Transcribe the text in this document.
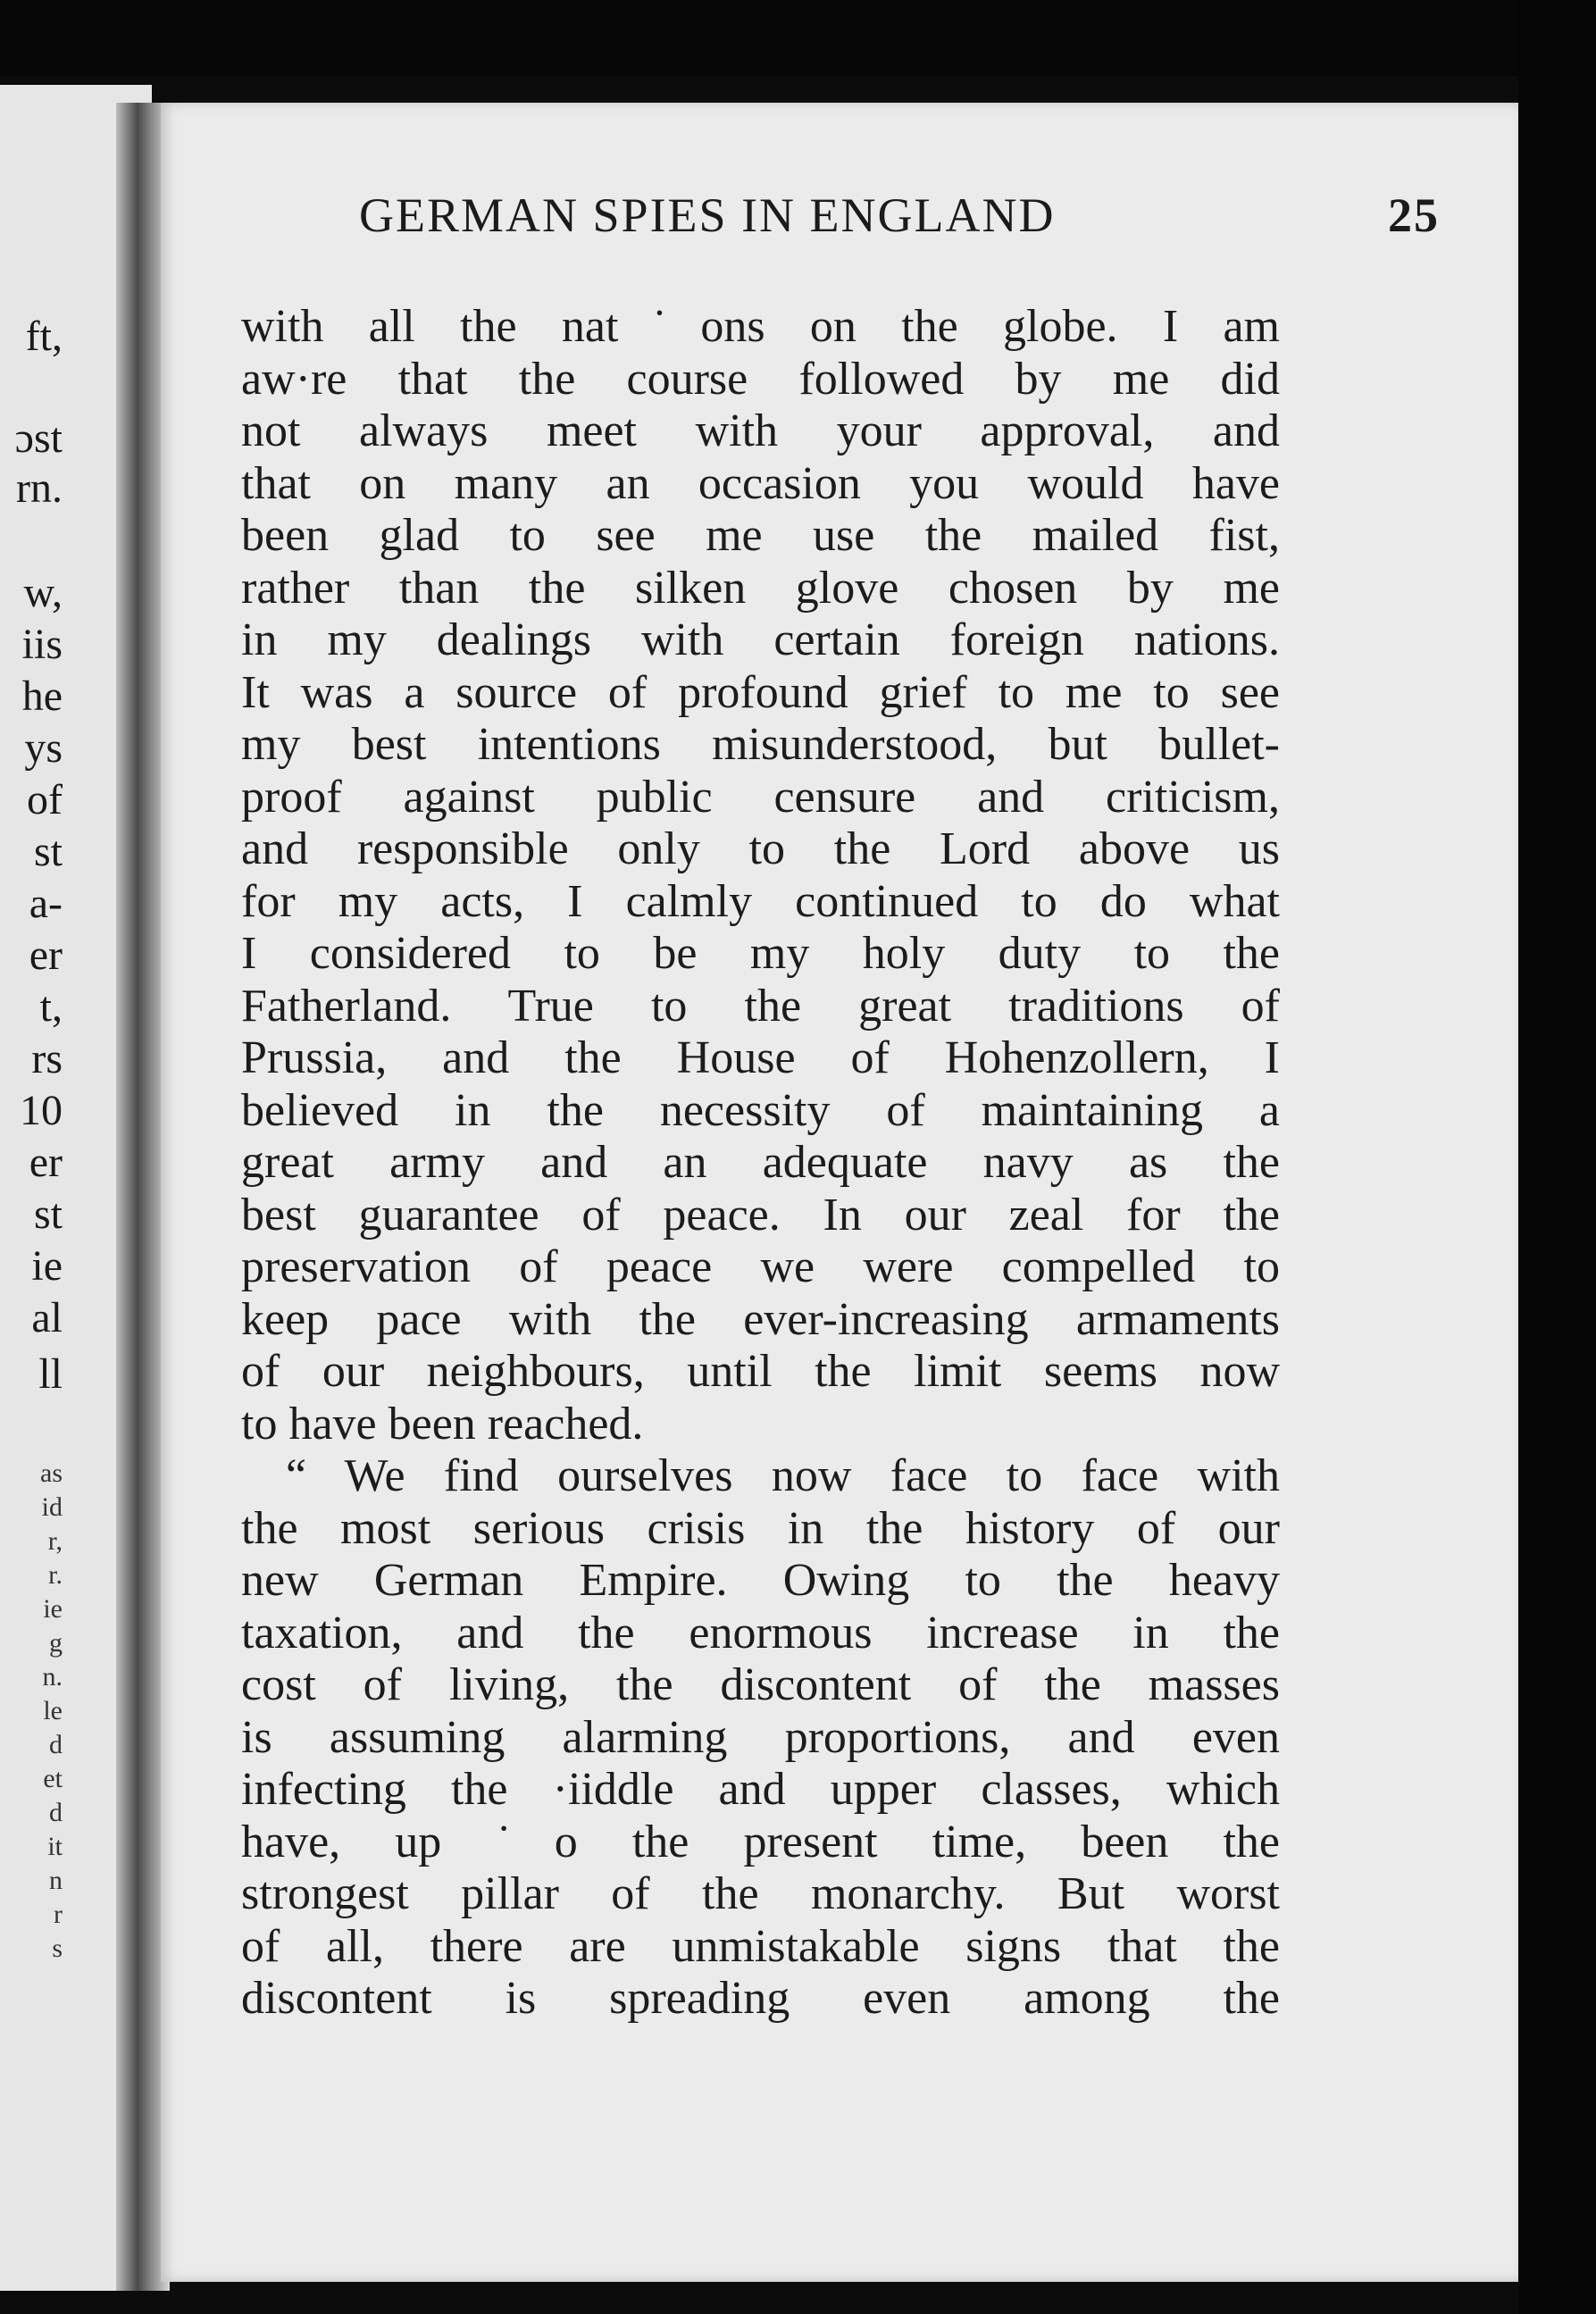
ft,
ɔst
rn.
w,
iis
he
ys
of
st
a-
er
t,
rs
10
er
st
ie
al
ll
as
id
r,
r.
ie
g
n.
le
d
et
d
it
n
r
s
GERMAN SPIES IN ENGLAND	25
with all the nat˙ons on the globe. I am
aw·re that the course followed by me did
not always meet with your approval, and
that on many an occasion you would have
been glad to see me use the mailed fist,
rather than the silken glove chosen by me
in my dealings with certain foreign nations.
It was a source of profound grief to me to see
my best intentions misunderstood, but bullet-
proof against public censure and criticism,
and responsible only to the Lord above us
for my acts, I calmly continued to do what
I considered to be my holy duty to the
Fatherland. True to the great traditions of
Prussia, and the House of Hohenzollern, I
believed in the necessity of maintaining a
great army and an adequate navy as the
best guarantee of peace. In our zeal for the
preservation of peace we were compelled to
keep pace with the ever-increasing armaments
of our neighbours, until the limit seems now
to have been reached.
“ We find ourselves now face to face with
the most serious crisis in the history of our
new German Empire. Owing to the heavy
taxation, and the enormous increase in the
cost of living, the discontent of the masses
is assuming alarming proportions, and even
infecting the ·iiddle and upper classes, which
have, up ˙o the present time, been the
strongest pillar of the monarchy. But worst
of all, there are unmistakable signs that the
discontent is spreading even among the
